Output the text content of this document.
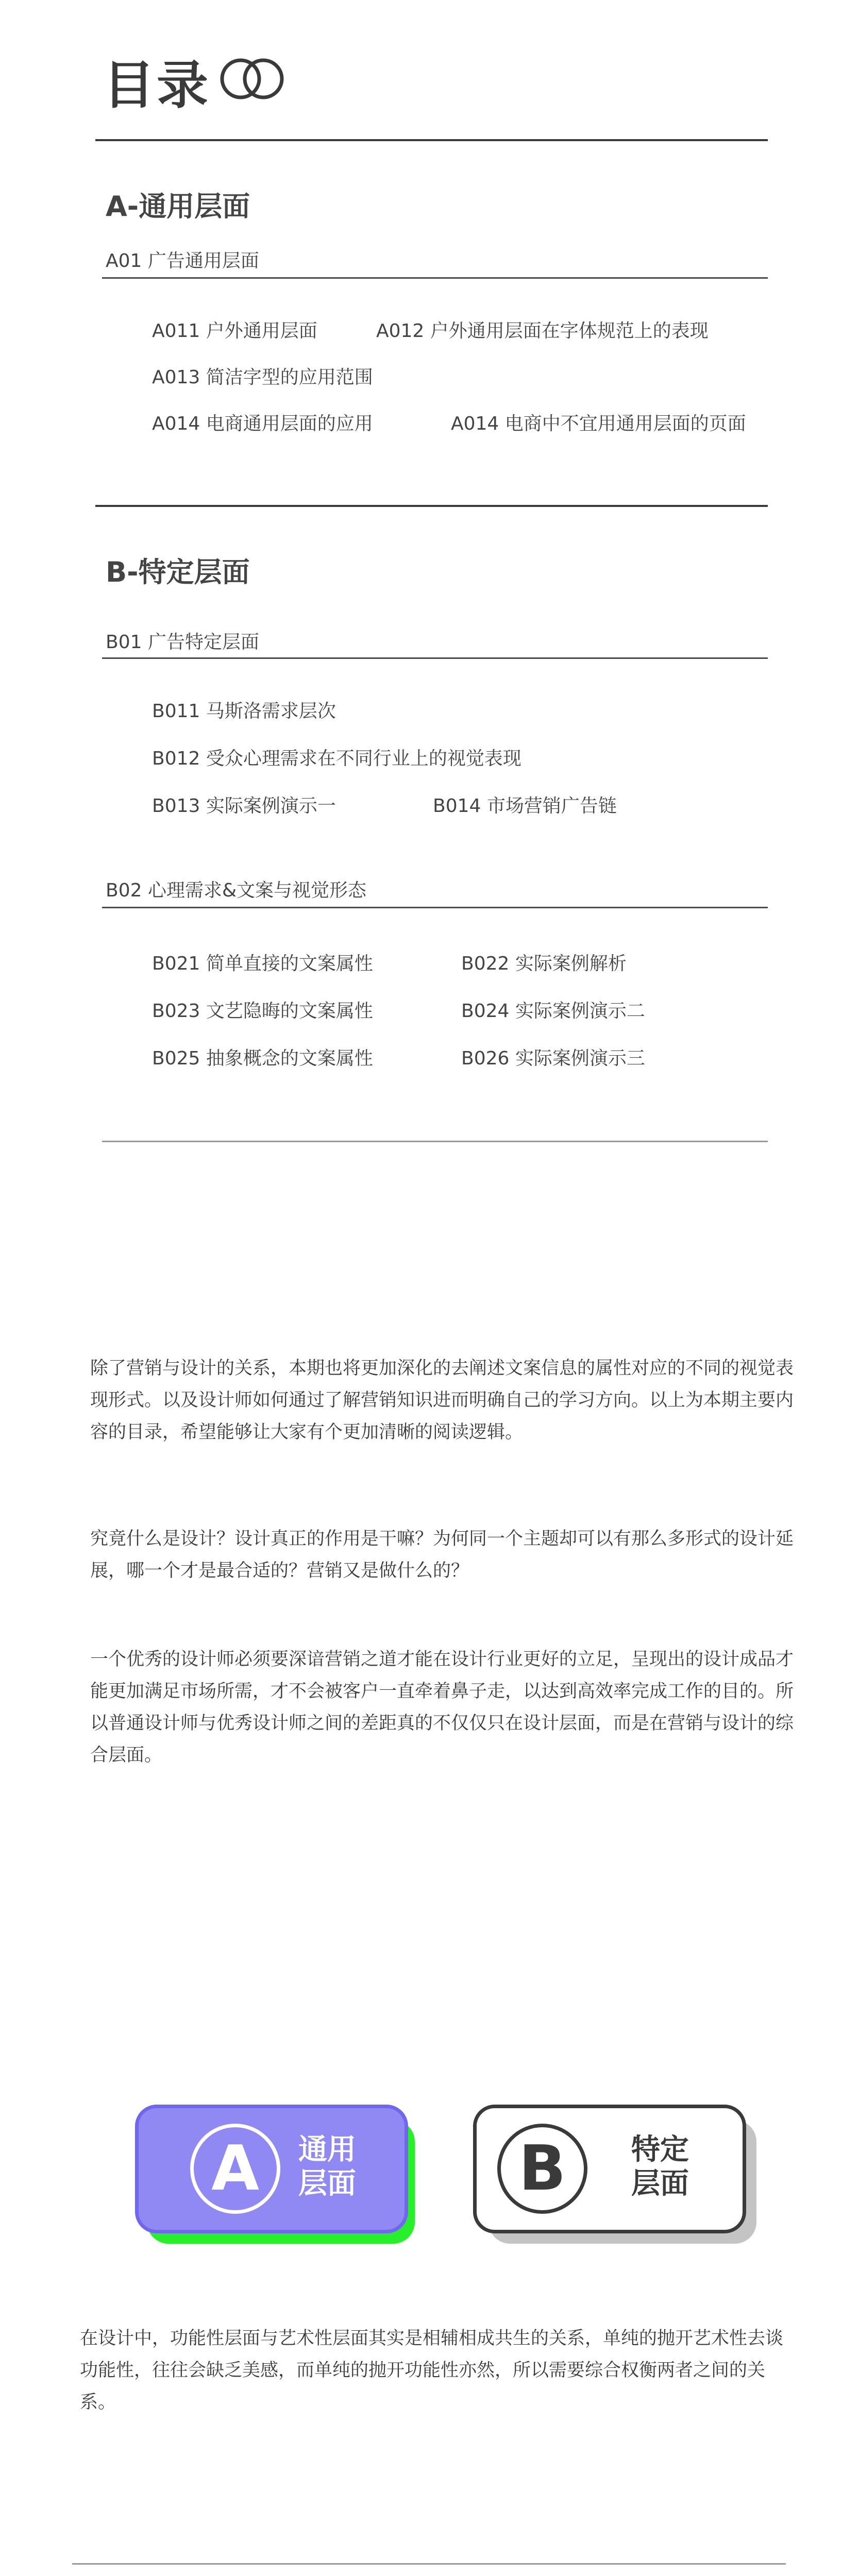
目录
A-通用层面
A01 广告通用层面
A011 户外通用层面	A012 户外通用层面在字体规范上的表现
A013 简洁字型的应用范围
A014 电商通用层面的应用	A014 电商中不宜用通用层面的页面
B-特定层面
B01 广告特定层面
B011 马斯洛需求层次
B012 受众心理需求在不同行业上的视觉表现
B013 实际案例演示一	B014 市场营销广告链
B02 心理需求&文案与视觉形态
B021 简单直接的文案属性	B022 实际案例解析
B023 文艺隐晦的文案属性	B024 实际案例演示二
B025 抽象概念的文案属性	B026 实际案例演示三
除了营销与设计的关系，本期也将更加深化的去阐述文案信息的属性对应的不同的视觉表现形式。以及设计师如何通过了解营销知识进而明确自己的学习方向。以上为本期主要内容的目录，希望能够让大家有个更加清晰的阅读逻辑。
究竟什么是设计？设计真正的作用是干嘛？为何同一个主题却可以有那么多形式的设计延展，哪一个才是最合适的？营销又是做什么的？
一个优秀的设计师必须要深谙营销之道才能在设计行业更好的立足，呈现出的设计成品才能更加满足市场所需，才不会被客户一直牵着鼻子走，以达到高效率完成工作的目的。所以普通设计师与优秀设计师之间的差距真的不仅仅只在设计层面，而是在营销与设计的综合层面。
A	通用
层面	B	特定
层面
在设计中，功能性层面与艺术性层面其实是相辅相成共生的关系，单纯的抛开艺术性去谈功能性，往往会缺乏美感，而单纯的抛开功能性亦然，所以需要综合权衡两者之间的关系。
